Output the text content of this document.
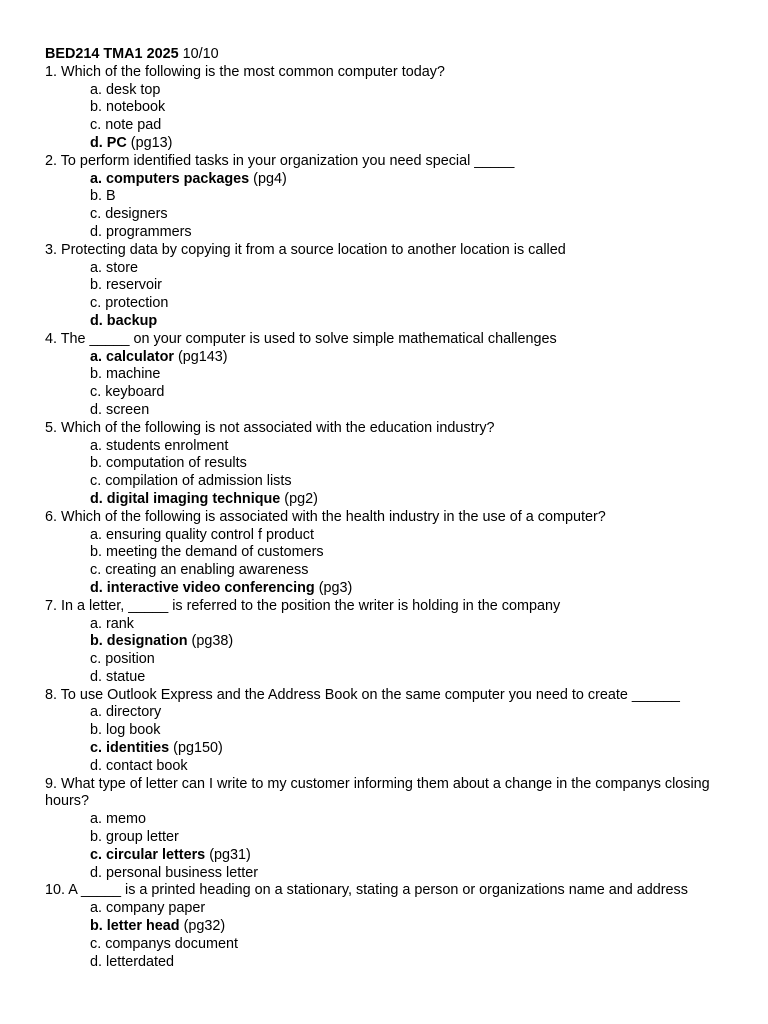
BED214 TMA1 2025 10/10
1. Which of the following is the most common computer today?
a. desk top
b. notebook
c. note pad
d. PC (pg13)
2. To perform identified tasks in your organization you need special _____
a. computers packages (pg4)
b. B
c. designers
d. programmers
3. Protecting data by copying it from a source location to another location is called
a. store
b. reservoir
c. protection
d. backup
4. The _____ on your computer is used to solve simple mathematical challenges
a. calculator (pg143)
b. machine
c. keyboard
d. screen
5. Which of the following is not associated with the education industry?
a. students enrolment
b. computation of results
c. compilation of admission lists
d. digital imaging technique (pg2)
6. Which of the following is associated with the health industry in the use of a computer?
a. ensuring quality control f product
b. meeting the demand of customers
c. creating an enabling awareness
d. interactive video conferencing (pg3)
7. In a letter, _____ is referred to the position the writer is holding in the company
a. rank
b. designation (pg38)
c. position
d. statue
8. To use Outlook Express and the Address Book on the same computer you need to create ______
a. directory
b. log book
c. identities (pg150)
d. contact book
9. What type of letter can I write to my customer informing them about a change in the companys closing hours?
a. memo
b. group letter
c. circular letters (pg31)
d. personal business letter
10. A _____ is a printed heading on a stationary, stating a person or organizations name and address
a. company paper
b. letter head (pg32)
c. companys document
d. letterdated
